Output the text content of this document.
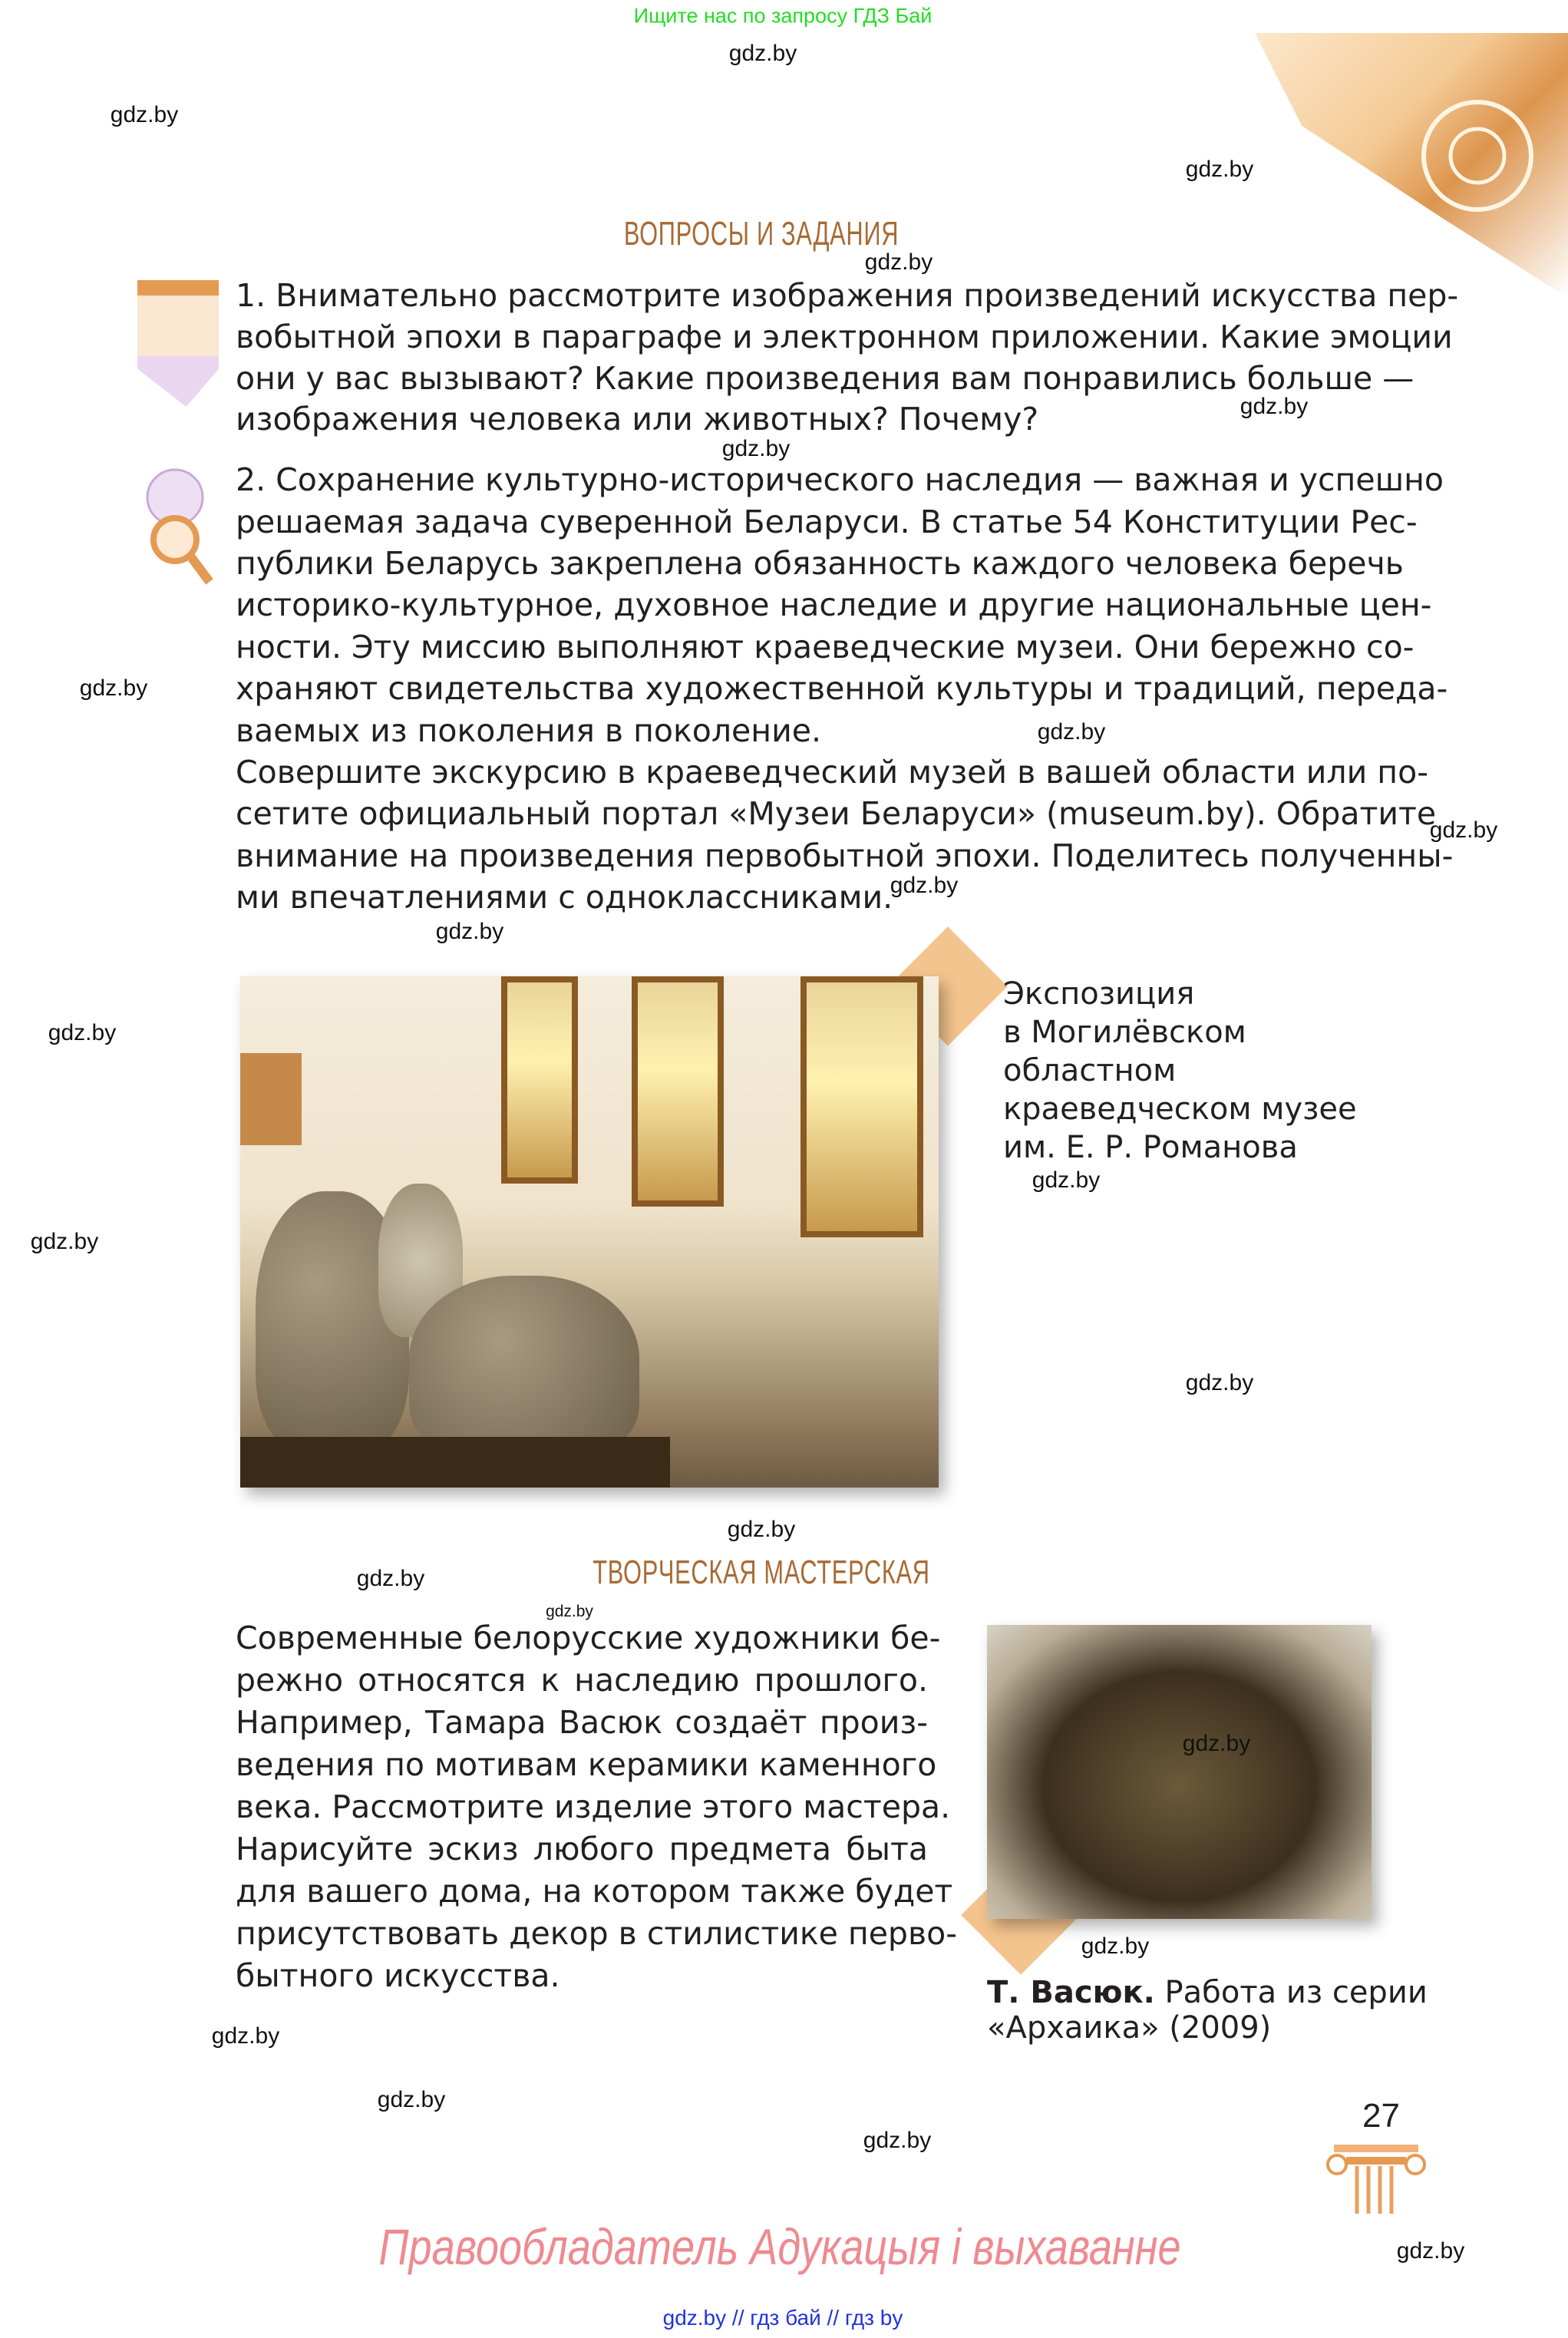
Ищите нас по запросу ГДЗ Бай
ВОПРОСЫ И ЗАДАНИЯ
1. Внимательно рассмотрите изображения произведений искусства пер-
вобытной эпохи в параграфе и электронном приложении. Какие эмоции
они у вас вызывают? Какие произведения вам понравились больше —
изображения человека или животных? Почему?
2. Сохранение культурно-исторического наследия — важная и успешно
решаемая задача суверенной Беларуси. В статье 54 Конституции Рес-
публики Беларусь закреплена обязанность каждого человека беречь
историко-культурное, духовное наследие и другие национальные цен-
ности. Эту миссию выполняют краеведческие музеи. Они бережно со-
храняют свидетельства художественной культуры и традиций, переда-
ваемых из поколения в поколение.
Совершите экскурсию в краеведческий музей в вашей области или по-
сетите официальный портал «Музеи Беларуси» (museum.by). Обратите
внимание на произведения первобытной эпохи. Поделитесь полученны-
ми впечатлениями с одноклассниками.
Экспозиция
в Могилёвском
областном
краеведческом музее
им. Е. Р. Романова
ТВОРЧЕСКАЯ МАСТЕРСКАЯ
Современные белорусские художники бе-
режно относятся к наследию прошлого.
Например, Тамара Васюк создаёт произ-
ведения по мотивам керамики каменного
века. Рассмотрите изделие этого мастера.
Нарисуйте эскиз любого предмета быта
для вашего дома, на котором также будет
присутствовать декор в стилистике перво-
бытного искусства.	Т. Васюк. Работа из серии
«Архаика» (2009)
27
Правообладатель Адукацыя і выхаванне
gdz.by // гдз бай // гдз by
gdz.by
gdz.by
gdz.by
gdz.by
gdz.by
gdz.by
gdz.by
gdz.by
gdz.by
gdz.by
gdz.by
gdz.by
gdz.by
gdz.by
gdz.by
gdz.by
gdz.by
gdz.by
gdz.by
gdz.by
gdz.by
gdz.by
gdz.by
gdz.by
